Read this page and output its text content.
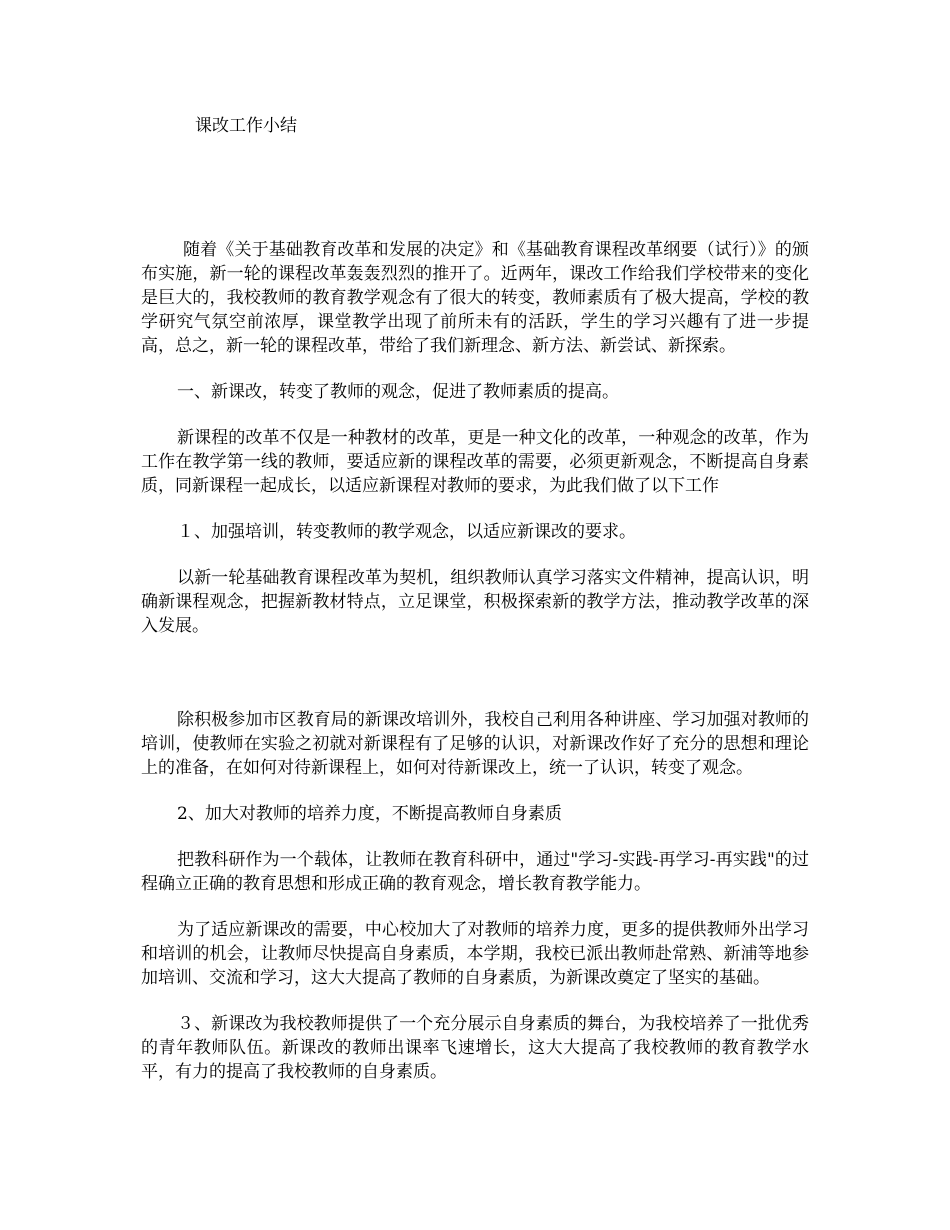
课改工作小结

随着《关于基础教育改革和发展的决定》和《基础教育课程改革纲要（试行）》的颁布实施，新一轮的课程改革轰轰烈烈的推开了。近两年，课改工作给我们学校带来的变化是巨大的，我校教师的教育教学观念有了很大的转变，教师素质有了极大提高，学校的教学研究气氛空前浓厚，课堂教学出现了前所未有的活跃，学生的学习兴趣有了进一步提高，总之，新一轮的课程改革，带给了我们新理念、新方法、新尝试、新探索。

一、新课改，转变了教师的观念，促进了教师素质的提高。

新课程的改革不仅是一种教材的改革，更是一种文化的改革，一种观念的改革，作为工作在教学第一线的教师，要适应新的课程改革的需要，必须更新观念，不断提高自身素质，同新课程一起成长，以适应新课程对教师的要求，为此我们做了以下工作

１、加强培训，转变教师的教学观念，以适应新课改的要求。

以新一轮基础教育课程改革为契机，组织教师认真学习落实文件精神，提高认识，明确新课程观念，把握新教材特点，立足课堂，积极探索新的教学方法，推动教学改革的深入发展。

除积极参加市区教育局的新课改培训外，我校自己利用各种讲座、学习加强对教师的培训，使教师在实验之初就对新课程有了足够的认识，对新课改作好了充分的思想和理论上的准备，在如何对待新课程上，如何对待新课改上，统一了认识，转变了观念。

2、加大对教师的培养力度，不断提高教师自身素质

把教科研作为一个载体，让教师在教育科研中，通过"学习-实践-再学习-再实践"的过程确立正确的教育思想和形成正确的教育观念，增长教育教学能力。

为了适应新课改的需要，中心校加大了对教师的培养力度，更多的提供教师外出学习和培训的机会，让教师尽快提高自身素质，本学期，我校已派出教师赴常熟、新浦等地参加培训、交流和学习，这大大提高了教师的自身素质，为新课改奠定了坚实的基础。

３、新课改为我校教师提供了一个充分展示自身素质的舞台，为我校培养了一批优秀的青年教师队伍。新课改的教师出课率飞速增长，这大大提高了我校教师的教育教学水平，有力的提高了我校教师的自身素质。
